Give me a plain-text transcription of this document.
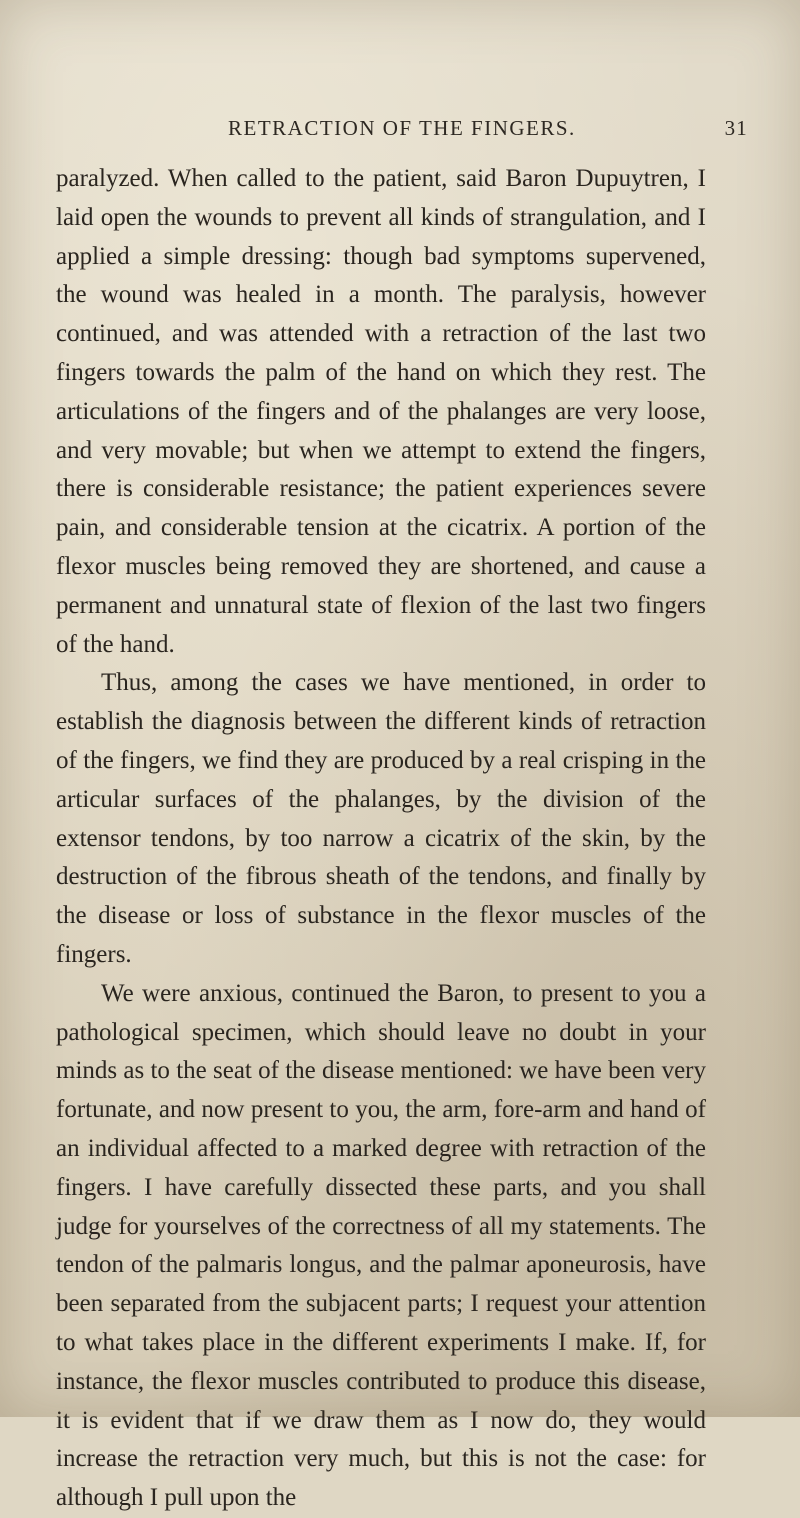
RETRACTION OF THE FINGERS.	31

paralyzed. When called to the patient, said Baron Dupuytren, I laid open the wounds to prevent all kinds of strangulation, and I applied a simple dressing: though bad symptoms supervened, the wound was healed in a month. The paralysis, however continued, and was attended with a retraction of the last two fingers towards the palm of the hand on which they rest. The articulations of the fingers and of the phalanges are very loose, and very movable; but when we attempt to extend the fingers, there is considerable resistance; the patient experiences severe pain, and considerable tension at the cicatrix. A portion of the flexor muscles being removed they are shortened, and cause a permanent and unnatural state of flexion of the last two fingers of the hand.

Thus, among the cases we have mentioned, in order to establish the diagnosis between the different kinds of retraction of the fingers, we find they are produced by a real crisping in the articular surfaces of the phalanges, by the division of the extensor tendons, by too narrow a cicatrix of the skin, by the destruction of the fibrous sheath of the tendons, and finally by the disease or loss of substance in the flexor muscles of the fingers.

We were anxious, continued the Baron, to present to you a pathological specimen, which should leave no doubt in your minds as to the seat of the disease mentioned: we have been very fortunate, and now present to you, the arm, fore-arm and hand of an individual affected to a marked degree with retraction of the fingers. I have carefully dissected these parts, and you shall judge for yourselves of the correctness of all my statements. The tendon of the palmaris longus, and the palmar aponeurosis, have been separated from the subjacent parts; I request your attention to what takes place in the different experiments I make. If, for instance, the flexor muscles contributed to produce this disease, it is evident that if we draw them as I now do, they would increase the retraction very much, but this is not the case: for although I pull upon the
